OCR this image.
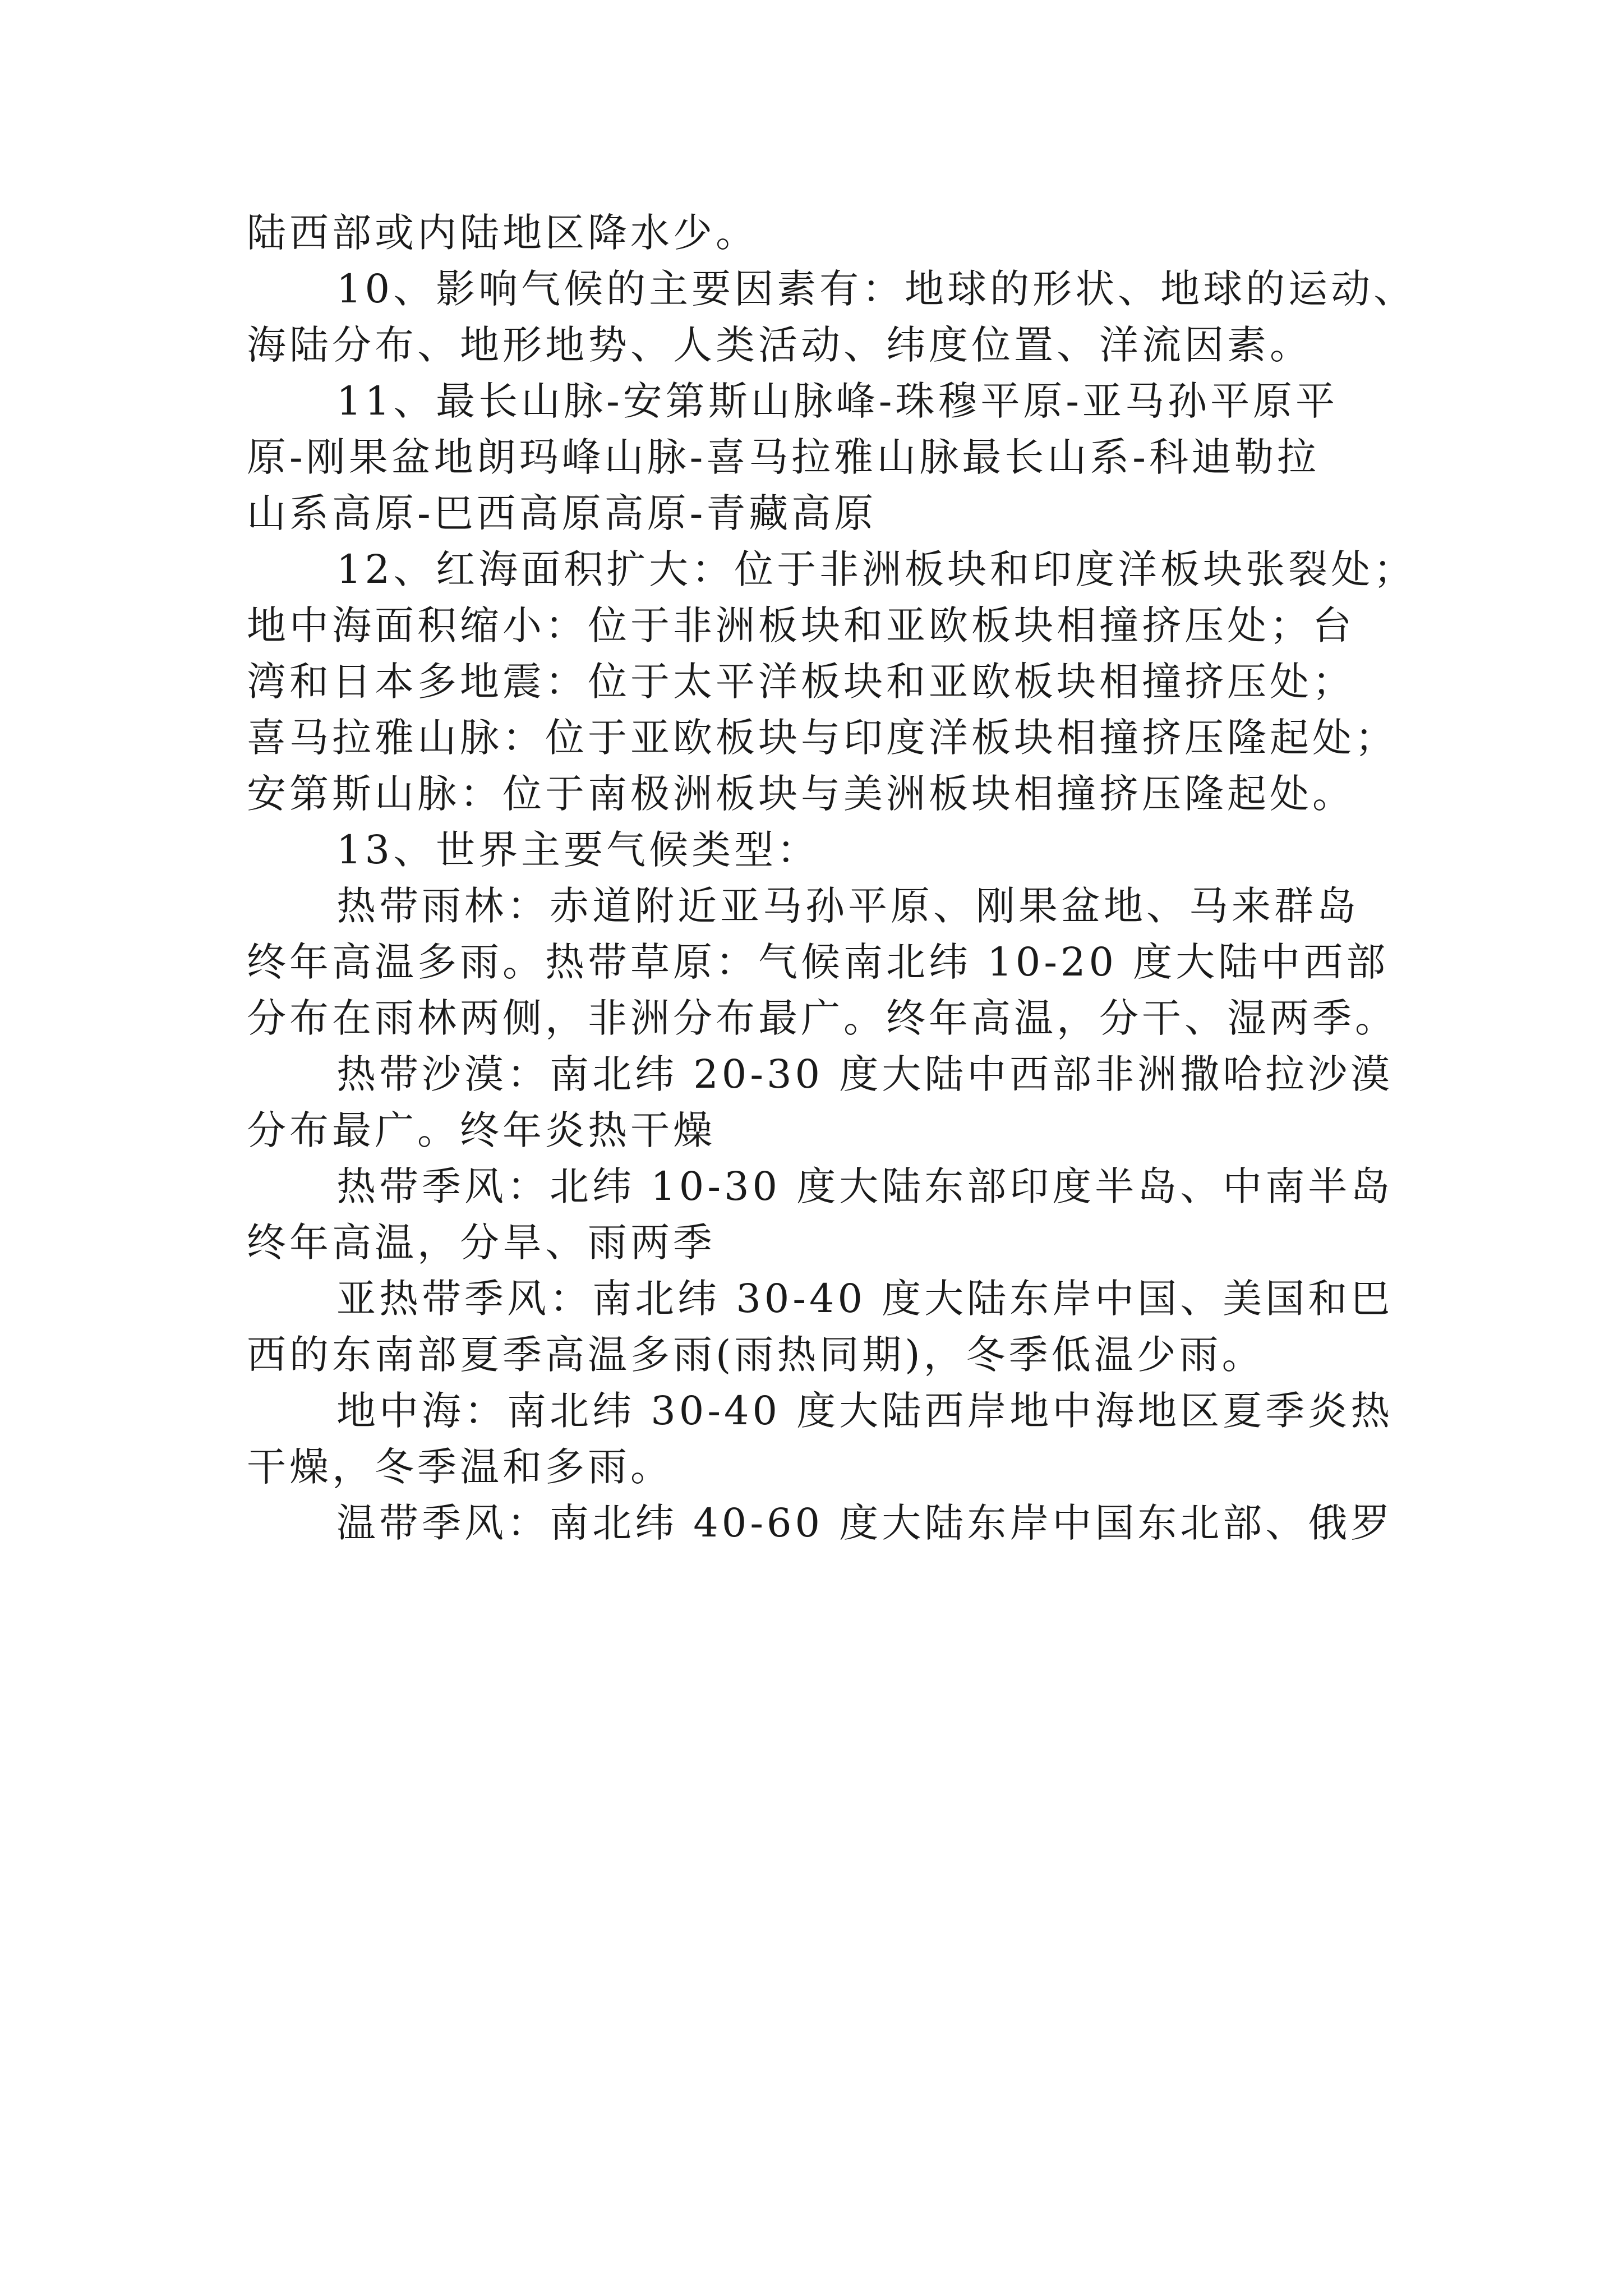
陆西部或内陆地区降水少。
10、影响气候的主要因素有：地球的形状、地球的运动、
海陆分布、地形地势、人类活动、纬度位置、洋流因素。
11、最长山脉-安第斯山脉峰-珠穆平原-亚马孙平原平
原-刚果盆地朗玛峰山脉-喜马拉雅山脉最长山系-科迪勒拉
山系高原-巴西高原高原-青藏高原
12、红海面积扩大：位于非洲板块和印度洋板块张裂处；
地中海面积缩小：位于非洲板块和亚欧板块相撞挤压处；台
湾和日本多地震：位于太平洋板块和亚欧板块相撞挤压处；
喜马拉雅山脉：位于亚欧板块与印度洋板块相撞挤压隆起处；
安第斯山脉：位于南极洲板块与美洲板块相撞挤压隆起处。
13、世界主要气候类型：
热带雨林：赤道附近亚马孙平原、刚果盆地、马来群岛
终年高温多雨。热带草原：气候南北纬 10-20 度大陆中西部
分布在雨林两侧，非洲分布最广。终年高温，分干、湿两季。
热带沙漠：南北纬 20-30 度大陆中西部非洲撒哈拉沙漠
分布最广。终年炎热干燥
热带季风：北纬 10-30 度大陆东部印度半岛、中南半岛
终年高温，分旱、雨两季
亚热带季风：南北纬 30-40 度大陆东岸中国、美国和巴
西的东南部夏季高温多雨(雨热同期)，冬季低温少雨。
地中海：南北纬 30-40 度大陆西岸地中海地区夏季炎热
干燥，冬季温和多雨。
温带季风：南北纬 40-60 度大陆东岸中国东北部、俄罗
